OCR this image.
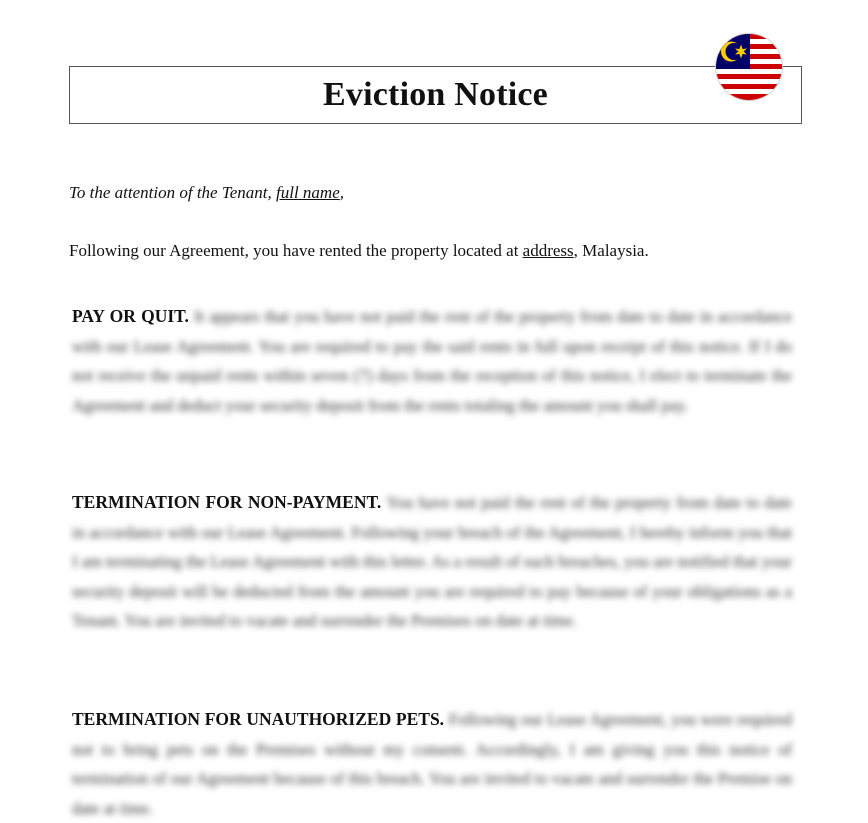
Eviction Notice
To the attention of the Tenant, full name,
Following our Agreement, you have rented the property located at address, Malaysia.
PAY OR QUIT. It appears that you have not paid the rent of the property from date to date in accordance with our Lease Agreement. You are required to pay the said rents in full upon receipt of this notice. If I do not receive the unpaid rents within seven (7) days from the reception of this notice, I elect to terminate the Agreement and deduct your security deposit from the rents totaling the amount you shall pay.
TERMINATION FOR NON-PAYMENT. You have not paid the rent of the property from date to date in accordance with our Lease Agreement. Following your breach of the Agreement, I hereby inform you that I am terminating the Lease Agreement with this letter. As a result of such breaches, you are notified that your security deposit will be deducted from the amount you are required to pay because of your obligations as a Tenant. You are invited to vacate and surrender the Premises on date at time.
TERMINATION FOR UNAUTHORIZED PETS. Following our Lease Agreement, you were required not to bring pets on the Premises without my consent. Accordingly, I am giving you this notice of termination of our Agreement because of this breach. You are invited to vacate and surrender the Premise on date at time.
